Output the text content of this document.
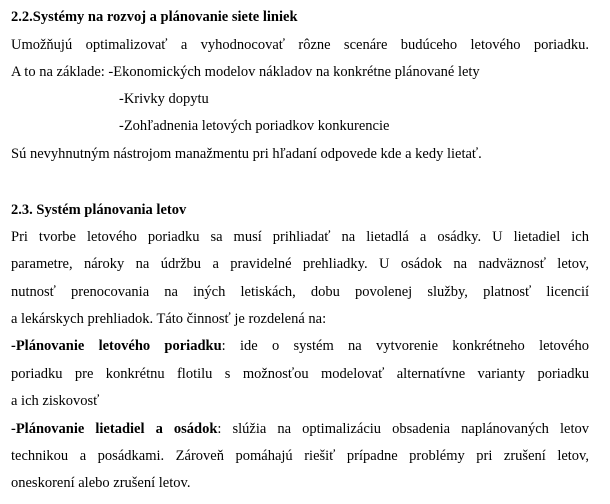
2.2.Systémy na rozvoj a plánovanie siete liniek
Umožňujú optimalizovať a vyhodnocovať rôzne scenáre budúceho letového poriadku.
A to na základe: -Ekonomických modelov nákladov na konkrétne plánované lety
-Krivky dopytu
-Zohľadnenia letových poriadkov konkurencie
Sú nevyhnutným nástrojom manažmentu pri hľadaní odpovede kde a kedy lietať.
2.3. Systém plánovania letov
Pri tvorbe letového poriadku sa musí prihliadať na lietadlá a osádky. U lietadiel ich
parametre, nároky na údržbu a pravidelné prehliadky. U osádok na nadväznosť letov,
nutnosť prenocovania na iných letiskách, dobu povolenej služby, platnosť licencií
a lekárskych prehliadok. Táto činnosť je rozdelená na:
-Plánovanie letového poriadku: ide o systém na vytvorenie konkrétneho letového
poriadku pre konkrétnu flotilu s možnosťou modelovať alternatívne varianty poriadku
a ich ziskovosť
-Plánovanie lietadiel a osádok: slúžia na optimalizáciu obsadenia naplánovaných letov
technikou a posádkami. Zároveň pomáhajú riešiť prípadne problémy pri zrušení letov,
oneskorení alebo zrušení letov.
